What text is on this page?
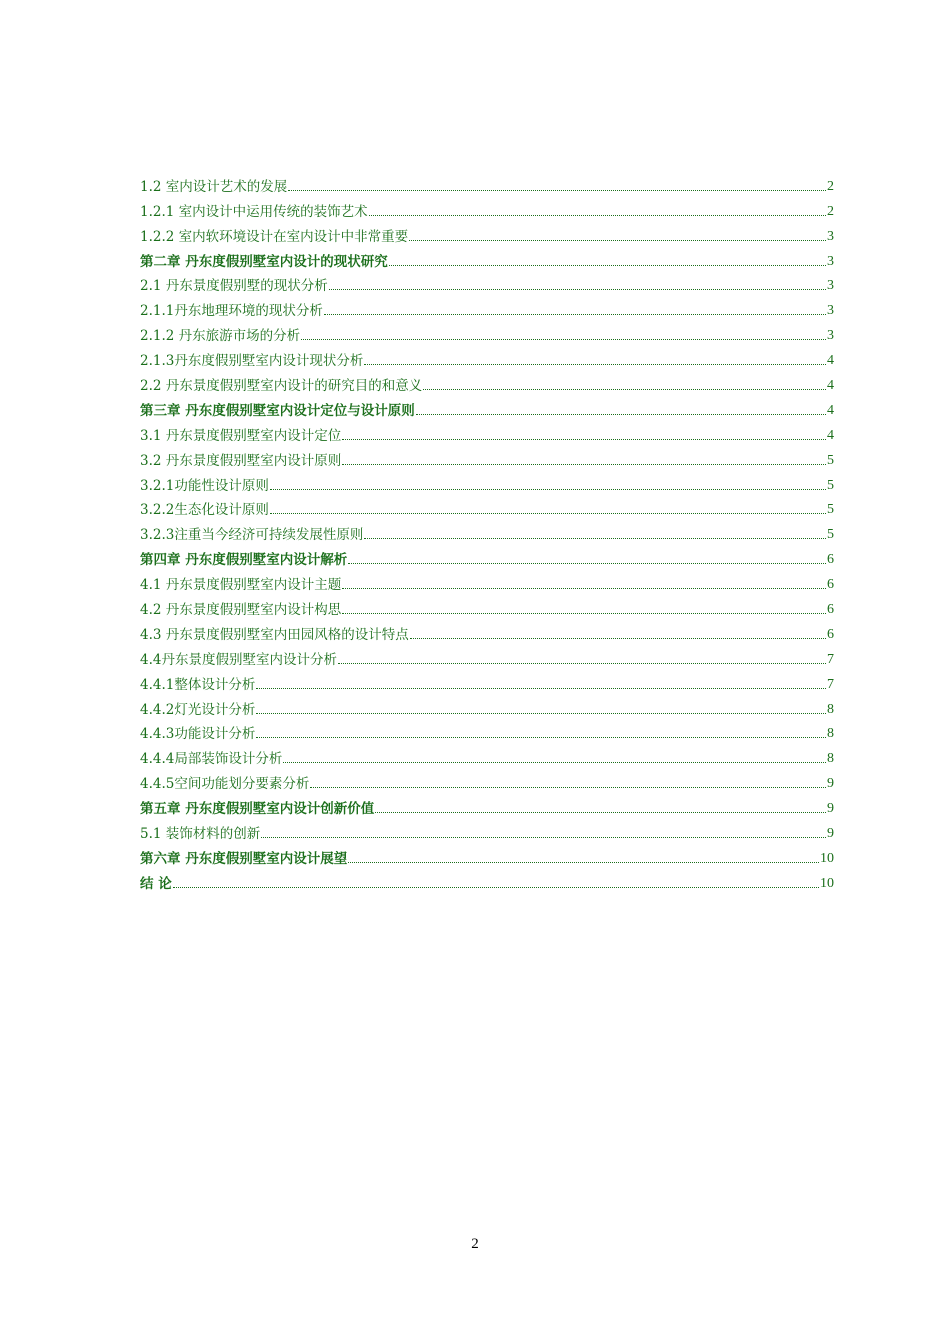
1.2 室内设计艺术的发展	2
1.2.1 室内设计中运用传统的装饰艺术	2
1.2.2 室内软环境设计在室内设计中非常重要	3
第二章 丹东度假别墅室内设计的现状研究	3
2.1 丹东景度假别墅的现状分析	3
2.1.1丹东地理环境的现状分析	3
2.1.2 丹东旅游市场的分析	3
2.1.3丹东度假别墅室内设计现状分析	4
2.2 丹东景度假别墅室内设计的研究目的和意义	4
第三章 丹东度假别墅室内设计定位与设计原则	4
3.1 丹东景度假别墅室内设计定位	4
3.2 丹东景度假别墅室内设计原则	5
3.2.1功能性设计原则	5
3.2.2生态化设计原则	5
3.2.3注重当今经济可持续发展性原则	5
第四章 丹东度假别墅室内设计解析	6
4.1 丹东景度假别墅室内设计主题	6
4.2 丹东景度假别墅室内设计构思	6
4.3 丹东景度假别墅室内田园风格的设计特点	6
4.4丹东景度假别墅室内设计分析	7
4.4.1整体设计分析	7
4.4.2灯光设计分析	8
4.4.3功能设计分析	8
4.4.4局部装饰设计分析	8
4.4.5空间功能划分要素分析	9
第五章 丹东度假别墅室内设计创新价值	9
5.1 装饰材料的创新	9
第六章 丹东度假别墅室内设计展望	10
结 论	10
2
